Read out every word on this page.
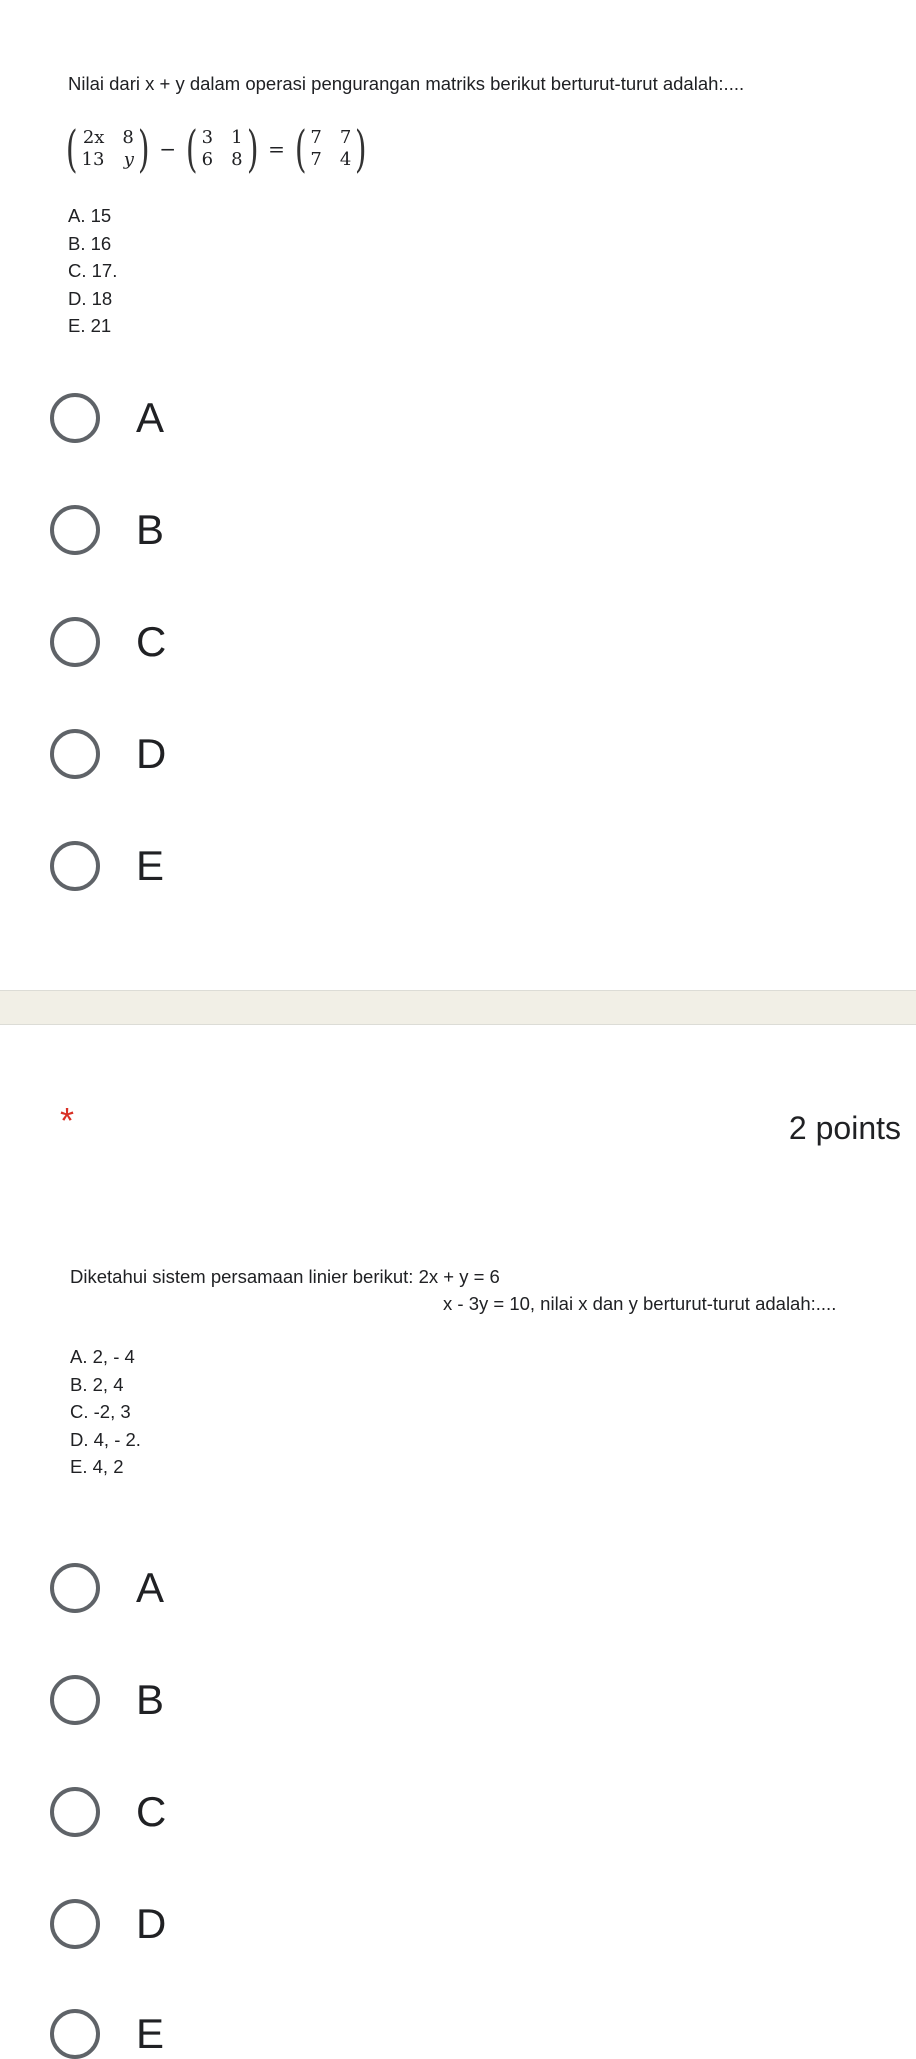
Nilai dari x + y dalam operasi pengurangan matriks berikut berturut-turut adalah:....
( 2x 8
13 y ) − ( 3 1
6 8 ) = ( 7 7
7 4 )
A. 15
B. 16
C. 17.
D. 18
E. 21
A
B
C
D
E
*	2 points
Diketahui sistem persamaan linier berikut: 2x + y = 6
x - 3y = 10, nilai x dan y berturut-turut adalah:....
A. 2, - 4
B. 2, 4
C. -2, 3
D. 4, - 2.
E. 4, 2
A
B
C
D
E
